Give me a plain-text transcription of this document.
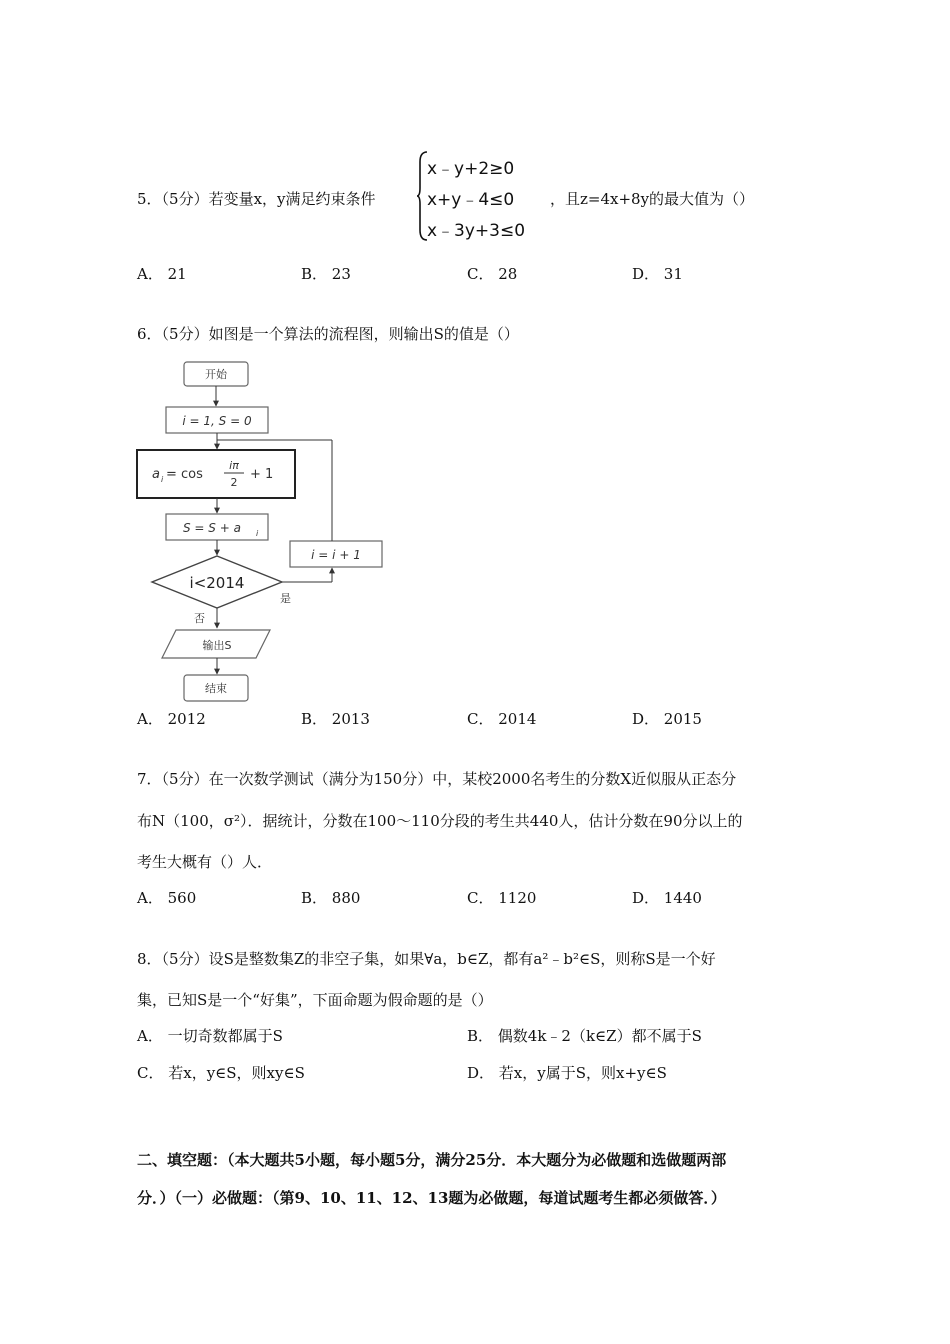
5．（5分）若变量x，y满足约束条件
x﹣y+2≥0
x+y﹣4≤0
x﹣3y+3≤0
，且z=4x+8y的最大值为（）
A． 21	B． 23	C． 28	D． 31
6．（5分）如图是一个算法的流程图，则输出S的值是（）
开始
i = 1, S = 0
a i = cos
iπ
2
+ 1
S = S + a i
i<2014
是
i = i + 1
否
输出S
结束
A． 2012	B． 2013	C． 2014	D． 2015
7．（5分）在一次数学测试（满分为150分）中，某校2000名考生的分数X近似服从正态分
布N（100，σ²）．据统计，分数在100～110分段的考生共440人，估计分数在90分以上的
考生大概有（）人．
A． 560	B． 880	C． 1120	D． 1440
8．（5分）设S是整数集Z的非空子集，如果∀a，b∈Z，都有a²﹣b²∈S，则称S是一个好
集，已知S是一个“好集”，下面命题为假命题的是（）
A． 一切奇数都属于S	B． 偶数4k﹣2（k∈Z）都不属于S
C． 若x，y∈S，则xy∈S	D． 若x，y属于S，则x+y∈S
二、填空题：（本大题共5小题，每小题5分，满分25分．本大题分为必做题和选做题两部
分．）（一）必做题：（第9、10、11、12、13题为必做题，每道试题考生都必须做答．）
